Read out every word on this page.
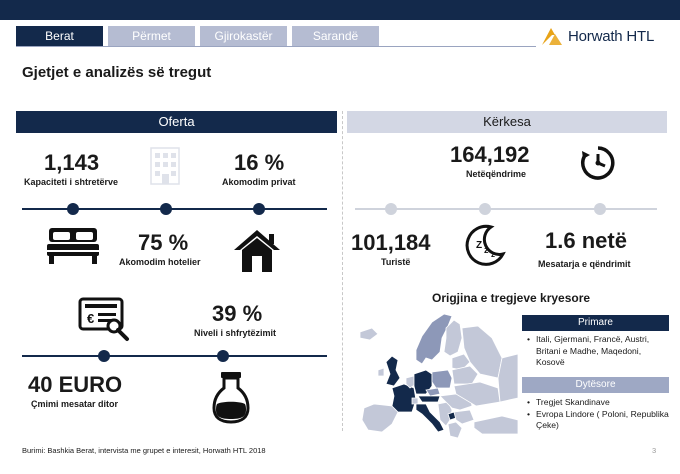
Berat	Përmet	Gjirokastër	Sarandë	Horwath HTL
Gjetjet e analizës së tregut
Oferta	Kërkesa
1,143
Kapaciteti i shtretërve
16 %
Akomodim privat
75 %
Akomodim hotelier
€	39 %
Niveli i shfrytëzimit
40 EURO
Çmimi mesatar ditor
164,192
Netëqëndrime
101,184
Turistë
Z z z
1.6 netë
Mesatarja e qëndrimit
Origjina e tregjeve kryesore
Primare
• Itali, Gjermani, Francë, Austri, Britani e Madhe, Maqedoni, Kosovë
Dytësore
• Tregjet Skandinave
• Evropa Lindore ( Poloni, Republika Çeke)
Burimi: Bashkia Berat, intervista me grupet e interesit, Horwath HTL 2018	3
